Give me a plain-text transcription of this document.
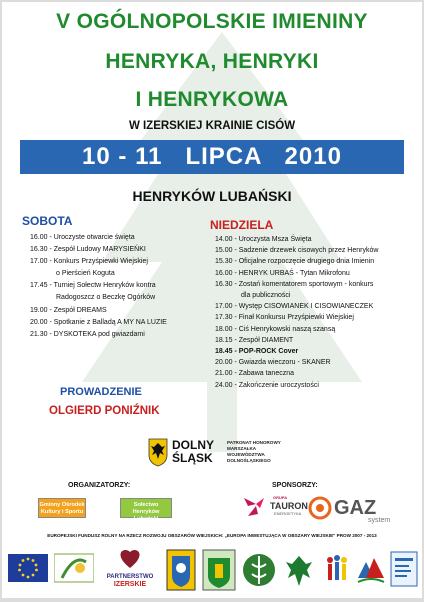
V OGÓLNOPOLSKIE IMIENINY
HENRYKA, HENRYKI
I HENRYKOWA
W IZERSKIEJ KRAINIE CISÓW
10 - 11   LIPCA   2010
HENRYKÓW LUBAŃSKI
SOBOTA
16.00 - Uroczyste otwarcie święta
16.30 - Zespół Ludowy MARYSIEŃKI
17.00 - Konkurs Przyśpiewki Wiejskiej
o Pierścień Koguta
17.45 - Turniej Sołectw Henryków kontra
Radogoszcz o Beczkę Ogórków
19.00 - Zespół DREAMS
20.00 - Spotkanie z Balladą A MY NA LUZIE
21.30 - DYSKOTEKA pod gwiazdami
NIEDZIELA
14.00 - Uroczysta Msza Święta
15.00 - Sadzenie drzewek cisowych przez Henryków
15.30 - Oficjalne rozpoczęcie drugiego dnia Imienin
16.00 - HENRYK URBAŚ - Tytan Mikrofonu
16.30 - Zostań komentatorem sportowym - konkurs
dla publiczności
17.00 - Występ CISOWIANEK I CISOWIANECZEK
17.30 - Finał Konkursu Przyśpiewki Wiejskiej
18.00 - Ciś Henrykowski naszą szansą
18.15 - Zespół DIAMENT
18.45 - POP-ROCK Cover
20.00 - Gwiazda wieczoru - SKANER
21.00 - Zabawa taneczna
24.00 - Zakończenie uroczystości
PROWADZENIE
OLGIERD PONIŹNIK
DOLNY
ŚLĄSK
PATRONAT HONOROWY
MARSZAŁKA
WOJEWÓDZTWA
DOLNOŚLĄSKIEGO
ORGANIZATORZY:	SPONSORZY:
Gminny Ośrodek
Kultury i Sportu
Sołectwo
Henryków Lubański
GRUPA
TAURON
ENERGETYKA GAZ
system
EUROPEJSKI FUNDUSZ ROLNY NA RZECZ ROZWOJU OBSZARÓW WIEJSKICH: „EUROPA INWESTUJĄCA W OBSZARY WIEJSKIE" PROW 2007 - 2013
PARTNERSTWO
IZERSKIE
